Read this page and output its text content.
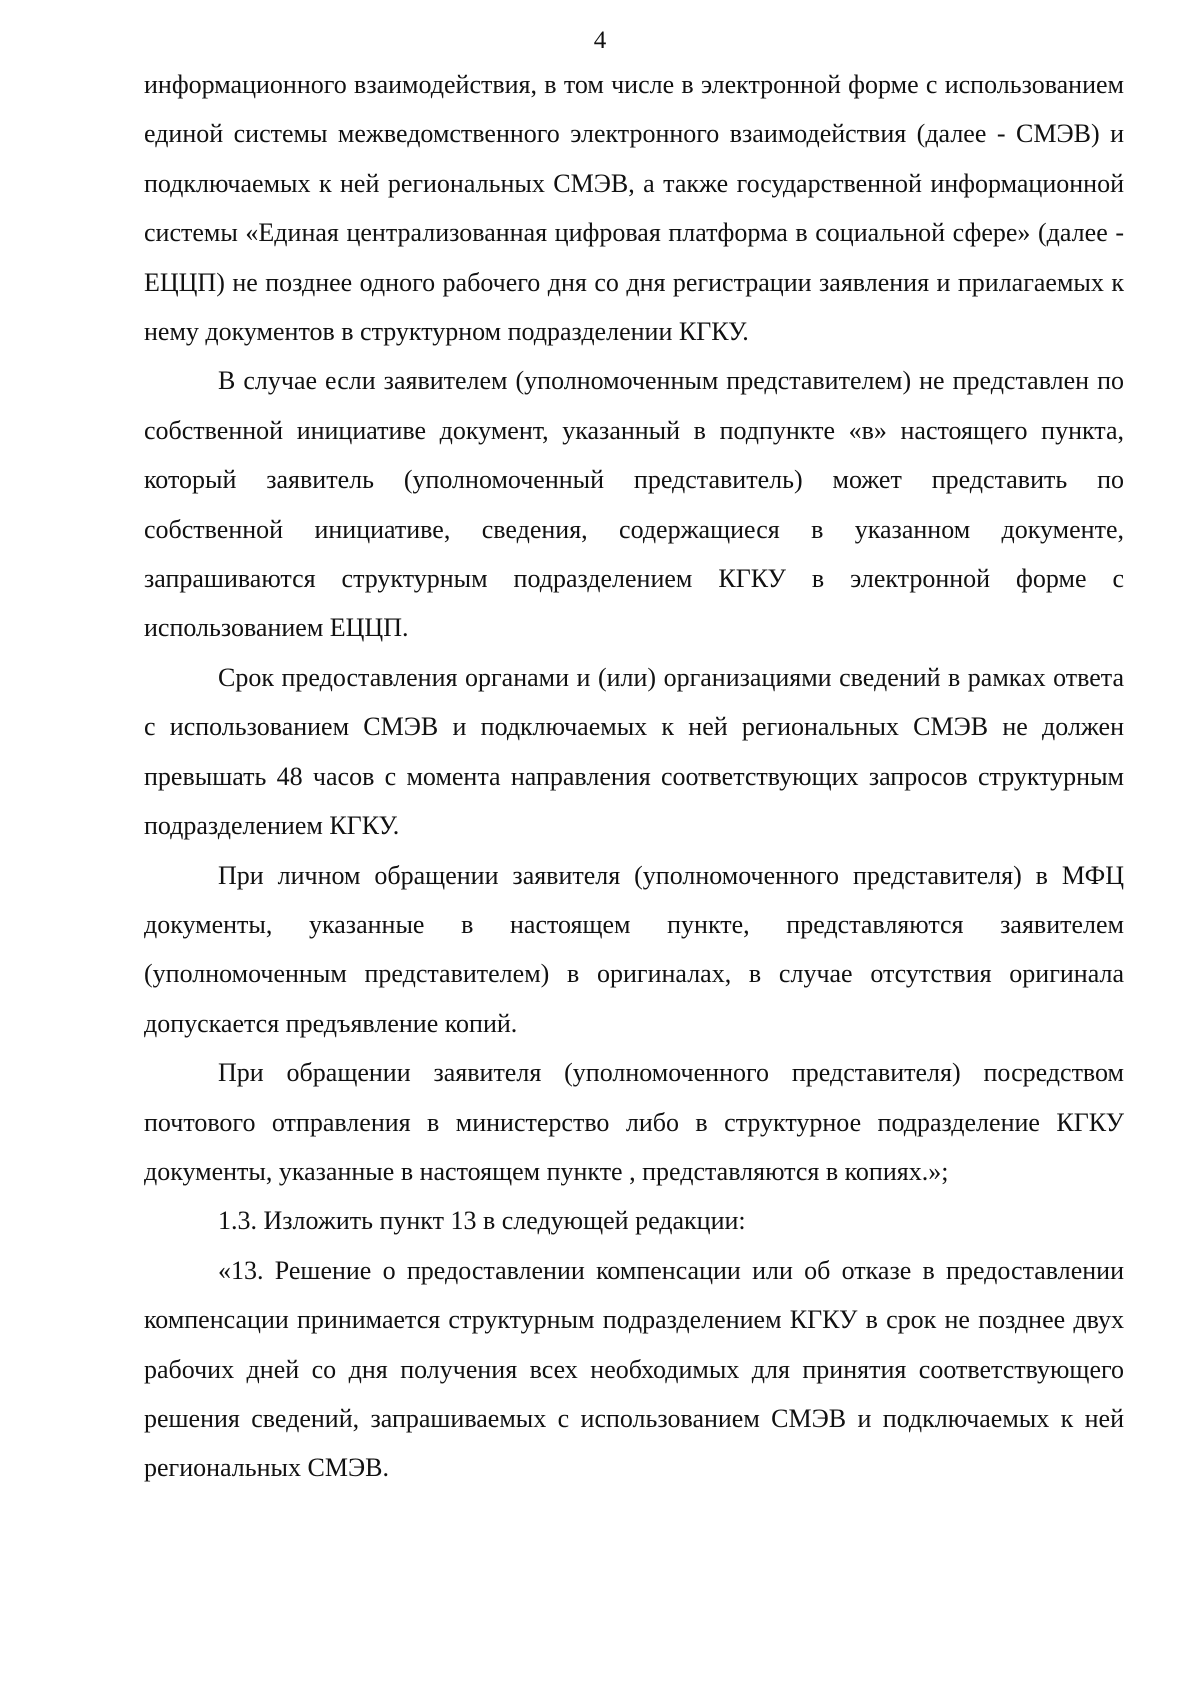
4

информационного взаимодействия, в том числе в электронной форме с использованием единой системы межведомственного электронного взаимодействия (далее - СМЭВ) и подключаемых к ней региональных СМЭВ, а также государственной информационной системы «Единая централизованная цифровая платформа в социальной сфере» (далее - ЕЦЦП) не позднее одного рабочего дня со дня регистрации заявления и прилагаемых к нему документов в структурном подразделении КГКУ.

В случае если заявителем (уполномоченным представителем) не представлен по собственной инициативе документ, указанный в подпункте «в» настоящего пункта, который заявитель (уполномоченный представитель) может представить по собственной инициативе, сведения, содержащиеся в указанном документе, запрашиваются структурным подразделением КГКУ в электронной форме с использованием ЕЦЦП.

Срок предоставления органами и (или) организациями сведений в рамках ответа с использованием СМЭВ и подключаемых к ней региональных СМЭВ не должен превышать 48 часов с момента направления соответствующих запросов структурным подразделением КГКУ.

При личном обращении заявителя (уполномоченного представителя) в МФЦ документы, указанные в настоящем пункте, представляются заявителем (уполномоченным представителем) в оригиналах, в случае отсутствия оригинала допускается предъявление копий.

При обращении заявителя (уполномоченного представителя) посредством почтового отправления в министерство либо в структурное подразделение КГКУ документы, указанные в настоящем пункте , представляются в копиях.»;

1.3. Изложить пункт 13 в следующей редакции:

«13. Решение о предоставлении компенсации или об отказе в предоставлении компенсации принимается структурным подразделением КГКУ в срок не позднее двух рабочих дней со дня получения всех необходимых для принятия соответствующего решения сведений, запрашиваемых с использованием СМЭВ и подключаемых к ней региональных СМЭВ.
